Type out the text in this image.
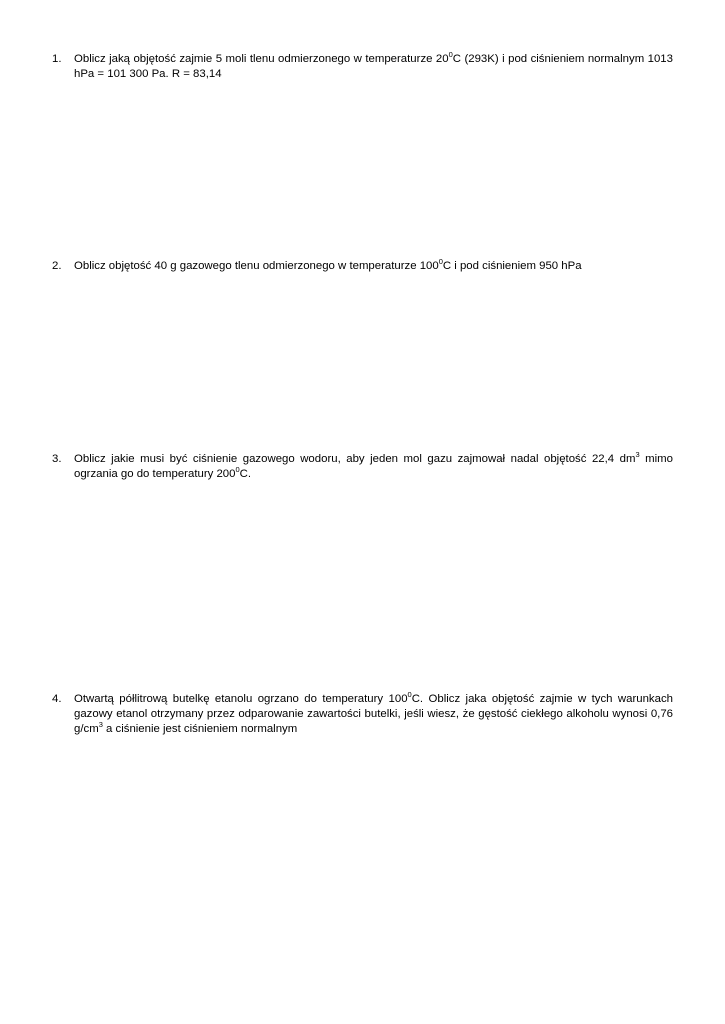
1.	Oblicz jaką objętość zajmie 5 moli tlenu odmierzonego w temperaturze $20^0C$ (293K) i pod ciśnieniem normalnym 1013 hPa = 101 300 Pa. R = 83,14
2.	Oblicz objętość 40 g gazowego tlenu odmierzonego w temperaturze $100^0C$ i pod ciśnieniem 950 hPa
3.	Oblicz jakie musi być ciśnienie gazowego wodoru, aby jeden mol gazu zajmował nadal objętość 22,4 $dm^3$ mimo ogrzania go do temperatury $200^0C$.
4.	Otwartą półlitrową butelkę etanolu ogrzano do temperatury $100^0C$. Oblicz jaka objętość zajmie w tych warunkach gazowy etanol otrzymany przez odparowanie zawartości butelki, jeśli wiesz, że gęstość ciekłego alkoholu wynosi 0,76 $g/cm^3$ a ciśnienie jest ciśnieniem normalnym
